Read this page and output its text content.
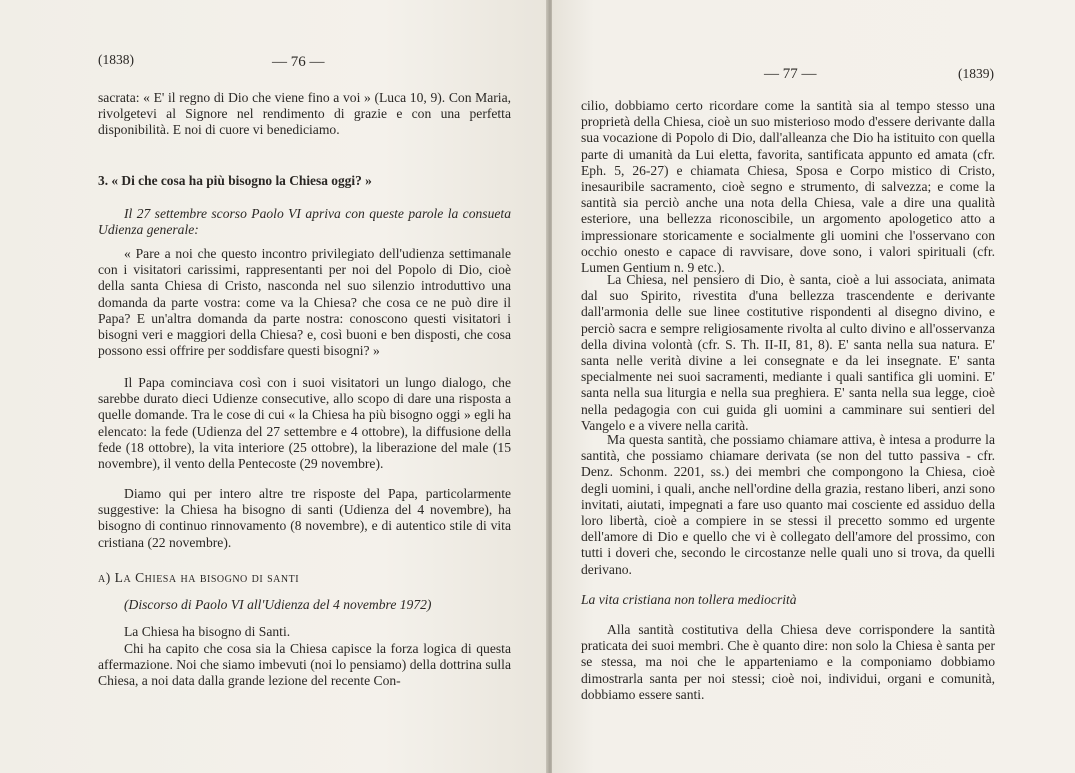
(1838)	— 76 —
sacrata: « E' il regno di Dio che viene fino a voi » (Luca 10, 9). Con Maria, rivolgetevi al Signore nel rendimento di grazie e con una perfetta disponibilità. E noi di cuore vi benediciamo.
3. « Di che cosa ha più bisogno la Chiesa oggi? »
Il 27 settembre scorso Paolo VI apriva con queste parole la consueta Udienza generale:
« Pare a noi che questo incontro privilegiato dell'udienza settimanale con i visitatori carissimi, rappresentanti per noi del Popolo di Dio, cioè della santa Chiesa di Cristo, nasconda nel suo silenzio introduttivo una domanda da parte vostra: come va la Chiesa? che cosa ce ne può dire il Papa? E un'altra domanda da parte nostra: conoscono questi visitatori i bisogni veri e maggiori della Chiesa? e, così buoni e ben disposti, che cosa possono essi offrire per soddisfare questi bisogni? »
Il Papa cominciava così con i suoi visitatori un lungo dialogo, che sarebbe durato dieci Udienze consecutive, allo scopo di dare una risposta a quelle domande. Tra le cose di cui « la Chiesa ha più bisogno oggi » egli ha elencato: la fede (Udienza del 27 settembre e 4 ottobre), la diffusione della fede (18 ottobre), la vita interiore (25 ottobre), la liberazione del male (15 novembre), il vento della Pentecoste (29 novembre).
Diamo qui per intero altre tre risposte del Papa, particolarmente suggestive: la Chiesa ha bisogno di santi (Udienza del 4 novembre), ha bisogno di continuo rinnovamento (8 novembre), e di autentico stile di vita cristiana (22 novembre).
a) La Chiesa ha bisogno di santi
(Discorso di Paolo VI all'Udienza del 4 novembre 1972)
La Chiesa ha bisogno di Santi.
Chi ha capito che cosa sia la Chiesa capisce la forza logica di questa affermazione. Noi che siamo imbevuti (noi lo pensiamo) della dottrina sulla Chiesa, a noi data dalla grande lezione del recente Con-
— 77 —	(1839)
cilio, dobbiamo certo ricordare come la santità sia al tempo stesso una proprietà della Chiesa, cioè un suo misterioso modo d'essere derivante dalla sua vocazione di Popolo di Dio, dall'alleanza che Dio ha istituito con quella parte di umanità da Lui eletta, favorita, santificata appunto ed amata (cfr. Eph. 5, 26-27) e chiamata Chiesa, Sposa e Corpo mistico di Cristo, inesauribile sacramento, cioè segno e strumento, di salvezza; e come la santità sia perciò anche una nota della Chiesa, vale a dire una qualità esteriore, una bellezza riconoscibile, un argomento apologetico atto a impressionare storicamente e socialmente gli uomini che l'osservano con occhio onesto e capace di ravvisare, dove sono, i valori spirituali (cfr. Lumen Gentium n. 9 etc.).
La Chiesa, nel pensiero di Dio, è santa, cioè a lui associata, animata dal suo Spirito, rivestita d'una bellezza trascendente e derivante dall'armonia delle sue linee costitutive rispondenti al disegno divino, e perciò sacra e sempre religiosamente rivolta al culto divino e all'osservanza della divina volontà (cfr. S. Th. II-II, 81, 8). E' santa nella sua natura. E' santa nelle verità divine a lei consegnate e da lei insegnate. E' santa specialmente nei suoi sacramenti, mediante i quali santifica gli uomini. E' santa nella sua liturgia e nella sua preghiera. E' santa nella sua legge, cioè nella pedagogia con cui guida gli uomini a camminare sui sentieri del Vangelo e a vivere nella carità.
Ma questa santità, che possiamo chiamare attiva, è intesa a produrre la santità, che possiamo chiamare derivata (se non del tutto passiva - cfr. Denz. Schonm. 2201, ss.) dei membri che compongono la Chiesa, cioè degli uomini, i quali, anche nell'ordine della grazia, restano liberi, anzi sono invitati, aiutati, impegnati a fare uso quanto mai cosciente ed assiduo della loro libertà, cioè a compiere in se stessi il precetto sommo ed urgente dell'amore di Dio e quello che vi è collegato dell'amore del prossimo, con tutti i doveri che, secondo le circostanze nelle quali uno si trova, da quelli derivano.
La vita cristiana non tollera mediocrità
Alla santità costitutiva della Chiesa deve corrispondere la santità praticata dei suoi membri. Che è quanto dire: non solo la Chiesa è santa per se stessa, ma noi che le apparteniamo e la componiamo dobbiamo dimostrarla santa per noi stessi; cioè noi, individui, organi e comunità, dobbiamo essere santi.
